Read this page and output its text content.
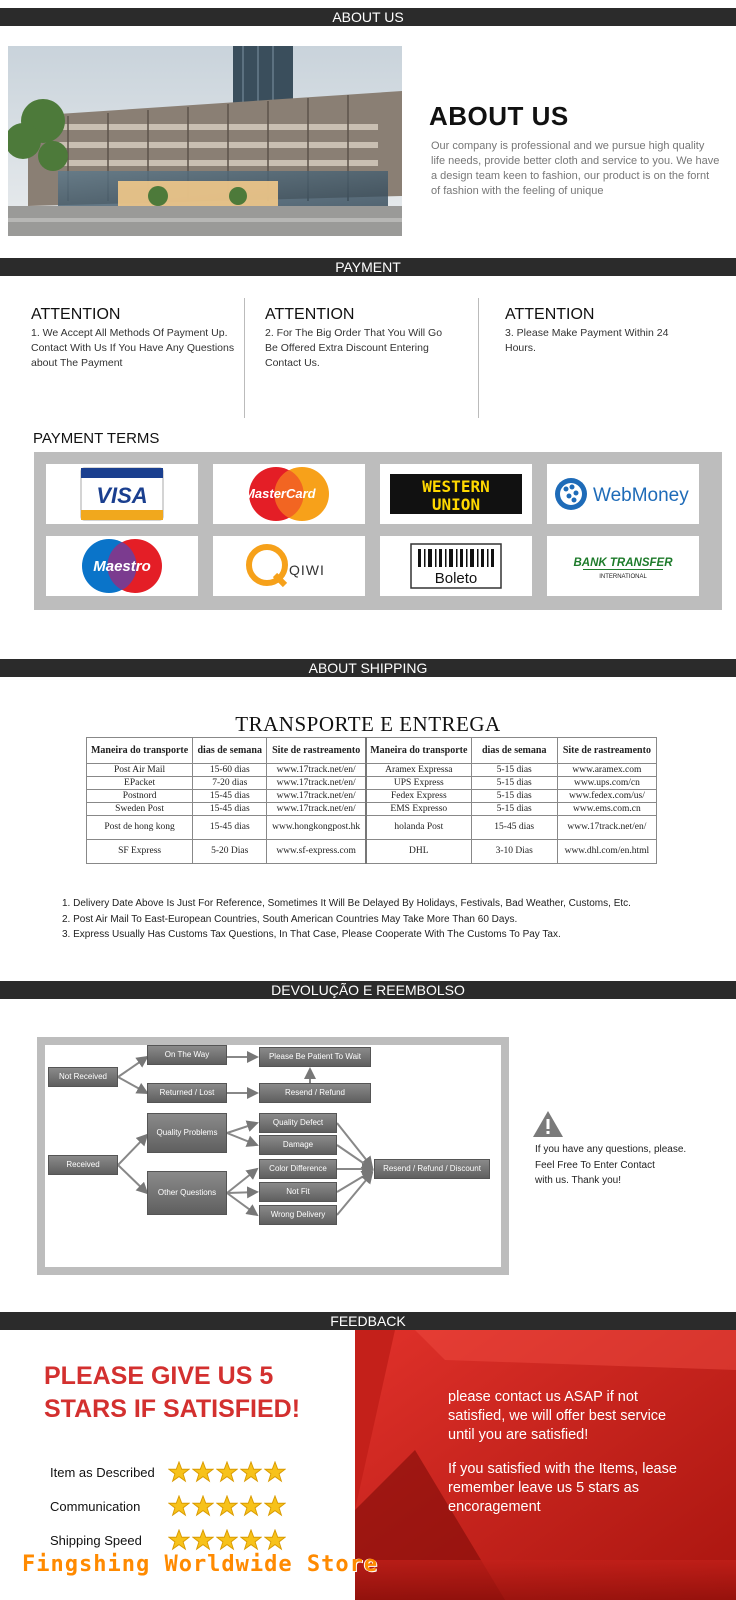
ABOUT US
ABOUT US
Our company is professional and we pursue high quality life needs, provide better cloth and service to you. We have a design team keen to fashion, our product is on the fornt of fashion with the feeling of unique
PAYMENT
ATTENTION
1. We Accept All Methods Of Payment Up. Contact With Us If You Have Any Questions about The Payment
ATTENTION
2. For The Big Order That You Will Go Be Offered Extra Discount Entering Contact Us.
ATTENTION
3. Please Make Payment Within 24 Hours.
PAYMENT TERMS
VISA	Master Card	WESTERN
UNION	WebMoney
Maestro	QIWI	Boleto
BANK TRANSFER
INTERNATIONAL
ABOUT SHIPPING
TRANSPORTE E ENTREGA
Maneira do transporte	dias de semana	Site de rastreamento	Maneira do transporte	dias de semana	Site de rastreamento
Post Air Mail	15-60 dias	www.17track.net/en/	Aramex Expressa	5-15 dias	www.aramex.com
EPacket	7-20 dias	www.17track.net/en/	UPS Express	5-15 dias	www.ups.com/cn
Postnord	15-45 dias	www.17track.net/en/	Fedex Express	5-15 dias	www.fedex.com/us/
Sweden Post	15-45 dias	www.17track.net/en/	EMS Expresso	5-15 dias	www.ems.com.cn
Post de hong kong	15-45 dias	www.hongkongpost.hk	holanda Post	15-45 dias	www.17track.net/en/
SF Express	5-20 Dias	www.sf-express.com	DHL	3-10 Dias	www.dhl.com/en.html
1. Delivery Date Above Is Just For Reference, Sometimes It Will Be Delayed By Holidays, Festivals, Bad Weather, Customs, Etc.
2. Post Air Mail To East-European Countries, South American Countries May Take More Than 60 Days.
3. Express Usually Has Customs Tax Questions, In That Case, Please Cooperate With The Customs To Pay Tax.
DEVOLUÇÃO E REEMBOLSO
Not Received
On The Way	Please Be Patient To Wait
Returned / Lost	Resend / Refund
Received
Quality Problems
Quality Defect
Damage
Other Questions
Color Difference
Not Fit
Wrong Delivery
Resend / Refund / Discount
If you have any questions, please.
Feel Free To Enter Contact
with us. Thank you!
FEEDBACK
PLEASE GIVE US 5
STARS IF SATISFIED!
Item as Described
Communication
Shipping Speed
please contact us ASAP if not
satisfied, we will offer best service
until you are satisfied!
If you satisfied with the Items, lease
remember leave us 5 stars as
encoragement
Fingshing Worldwide Store
